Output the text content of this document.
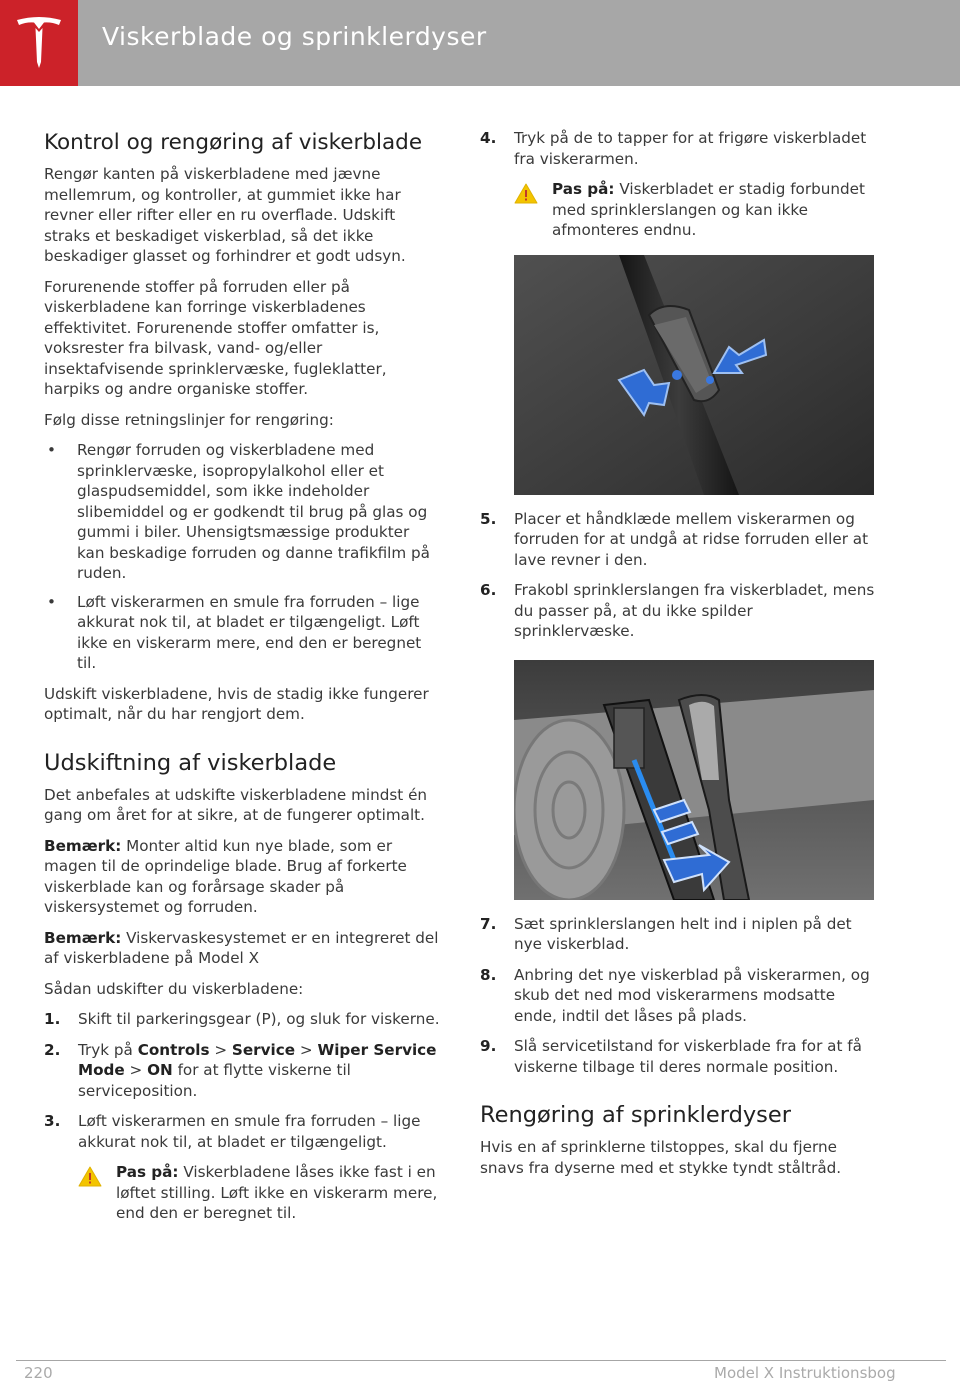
Viskerblade og sprinklerdyser
Kontrol og rengøring af viskerblade

Rengør kanten på viskerbladene med jævne mellemrum, og kontroller, at gummiet ikke har revner eller rifter eller en ru overflade. Udskift straks et beskadiget viskerblad, så det ikke beskadiger glasset og forhindrer et godt udsyn.

Forurenende stoffer på forruden eller på viskerbladene kan forringe viskerbladenes effektivitet. Forurenende stoffer omfatter is, voksrester fra bilvask, vand- og/eller insektafvisende sprinklervæske, fugleklatter, harpiks og andre organiske stoffer.

Følg disse retningslinjer for rengøring:

• Rengør forruden og viskerbladene med sprinklervæske, isopropylalkohol eller et glaspudsemiddel, som ikke indeholder slibemiddel og er godkendt til brug på glas og gummi i biler. Uhensigtsmæssige produkter kan beskadige forruden og danne trafikfilm på ruden.
• Løft viskerarmen en smule fra forruden – lige akkurat nok til, at bladet er tilgængeligt. Løft ikke en viskerarm mere, end den er beregnet til.

Udskift viskerbladene, hvis de stadig ikke fungerer optimalt, når du har rengjort dem.

Udskiftning af viskerblade

Det anbefales at udskifte viskerbladene mindst én gang om året for at sikre, at de fungerer optimalt.

Bemærk: Monter altid kun nye blade, som er magen til de oprindelige blade. Brug af forkerte viskerblade kan og forårsage skader på viskersystemet og forruden.

Bemærk: Viskervaskesystemet er en integreret del af viskerbladene på Model X

Sådan udskifter du viskerbladene:

1. Skift til parkeringsgear (P), og sluk for viskerne.
2. Tryk på Controls > Service > Wiper Service Mode > ON for at flytte viskerne til serviceposition.
3. Løft viskerarmen en smule fra forruden – lige akkurat nok til, at bladet er tilgængeligt.
Pas på: Viskerbladene låses ikke fast i en løftet stilling. Løft ikke en viskerarm mere, end den er beregnet til.
4. Tryk på de to tapper for at frigøre viskerbladet fra viskerarmen.
Pas på: Viskerbladet er stadig forbundet med sprinklerslangen og kan ikke afmonteres endnu.
5. Placer et håndklæde mellem viskerarmen og forruden for at undgå at ridse forruden eller at lave revner i den.
6. Frakobl sprinklerslangen fra viskerbladet, mens du passer på, at du ikke spilder sprinklervæske.
7. Sæt sprinklerslangen helt ind i niplen på det nye viskerblad.
8. Anbring det nye viskerblad på viskerarmen, og skub det ned mod viskerarmens modsatte ende, indtil det låses på plads.
9. Slå servicetilstand for viskerblade fra for at få viskerne tilbage til deres normale position.
Rengøring af sprinklerdyser

Hvis en af sprinklerne tilstoppes, skal du fjerne snavs fra dyserne med et stykke tyndt ståltråd.

220	Model X Instruktionsbog
